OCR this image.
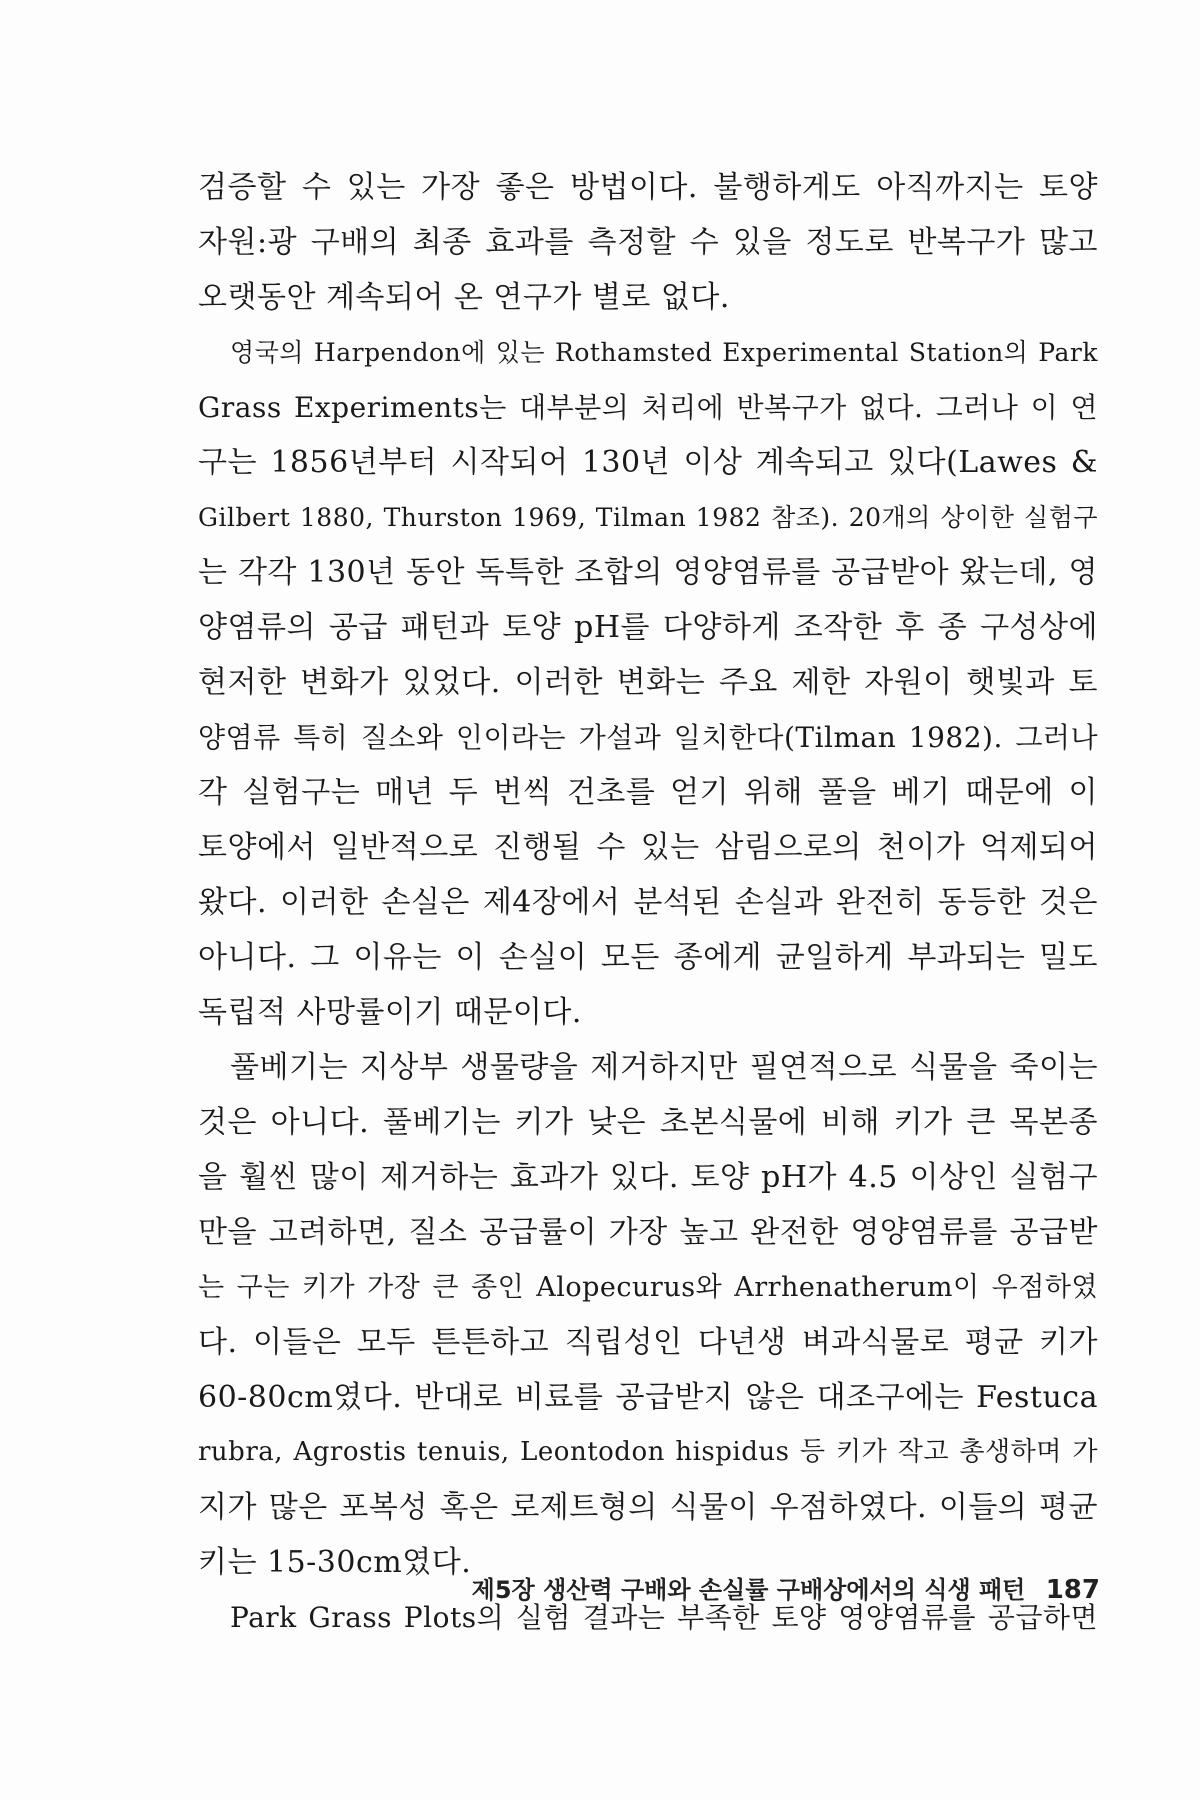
검증할 수 있는 가장 좋은 방법이다. 불행하게도 아직까지는 토양
자원:광 구배의 최종 효과를 측정할 수 있을 정도로 반복구가 많고
오랫동안 계속되어 온 연구가 별로 없다.
영국의 Harpendon에 있는 Rothamsted Experimental Station의 Park
Grass Experiments는 대부분의 처리에 반복구가 없다. 그러나 이 연
구는 1856년부터 시작되어 130년 이상 계속되고 있다(Lawes &
Gilbert 1880, Thurston 1969, Tilman 1982 참조). 20개의 상이한 실험구
는 각각 130년 동안 독특한 조합의 영양염류를 공급받아 왔는데, 영
양염류의 공급 패턴과 토양 pH를 다양하게 조작한 후 종 구성상에
현저한 변화가 있었다. 이러한 변화는 주요 제한 자원이 햇빛과 토
양염류 특히 질소와 인이라는 가설과 일치한다(Tilman 1982). 그러나
각 실험구는 매년 두 번씩 건초를 얻기 위해 풀을 베기 때문에 이
토양에서 일반적으로 진행될 수 있는 삼림으로의 천이가 억제되어
왔다. 이러한 손실은 제4장에서 분석된 손실과 완전히 동등한 것은
아니다. 그 이유는 이 손실이 모든 종에게 균일하게 부과되는 밀도
독립적 사망률이기 때문이다.
풀베기는 지상부 생물량을 제거하지만 필연적으로 식물을 죽이는
것은 아니다. 풀베기는 키가 낮은 초본식물에 비해 키가 큰 목본종
을 훨씬 많이 제거하는 효과가 있다. 토양 pH가 4.5 이상인 실험구
만을 고려하면, 질소 공급률이 가장 높고 완전한 영양염류를 공급받
는 구는 키가 가장 큰 종인 Alopecurus와 Arrhenatherum이 우점하였
다. 이들은 모두 튼튼하고 직립성인 다년생 벼과식물로 평균 키가
60-80cm였다. 반대로 비료를 공급받지 않은 대조구에는 Festuca
rubra, Agrostis tenuis, Leontodon hispidus 등 키가 작고 총생하며 가
지가 많은 포복성 혹은 로제트형의 식물이 우점하였다. 이들의 평균
키는 15-30cm였다.
Park Grass Plots의 실험 결과는 부족한 토양 영양염류를 공급하면
제5장 생산력 구배와 손실률 구배상에서의 식생 패턴 187
